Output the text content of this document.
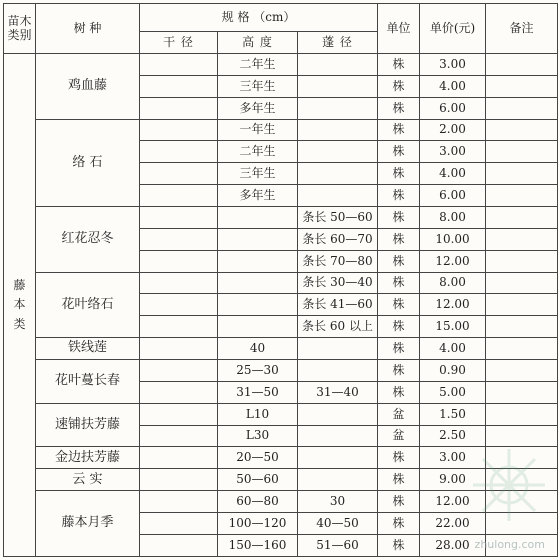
苗木类别	树 种	规 格 （cm）			单位	单价(元)	备注
		干 径	高 度	蓬 径			

藤本类	鸡血藤		二年生		株	3.00	
			三年生		株	4.00	
			多年生		株	6.00	
	络 石		一年生		株	2.00	
			二年生		株	3.00	
			三年生		株	4.00	
			多年生		株	6.00	
	红花忍冬			条长 50—60	株	8.00	
				条长 60—70	株	10.00	
				条长 70—80	株	12.00	
	花叶络石			条长 30—40	株	8.00	
				条长 41—60	株	12.00	
				条长 60 以上	株	15.00	
	铁线莲		40		株	4.00	
	花叶蔓长春		25—30		株	0.90	
			31—50	31—40	株	5.00	
	速铺扶芳藤		L10		盆	1.50	
			L30		盆	2.50	
	金边扶芳藤		20—50		株	3.00	
	云 实		50—60		株	9.00	
	藤本月季		60—80	30	株	12.00	
			100—120	40—50	株	22.00	
			150—160	51—60	株	28.00	zhulong.com
